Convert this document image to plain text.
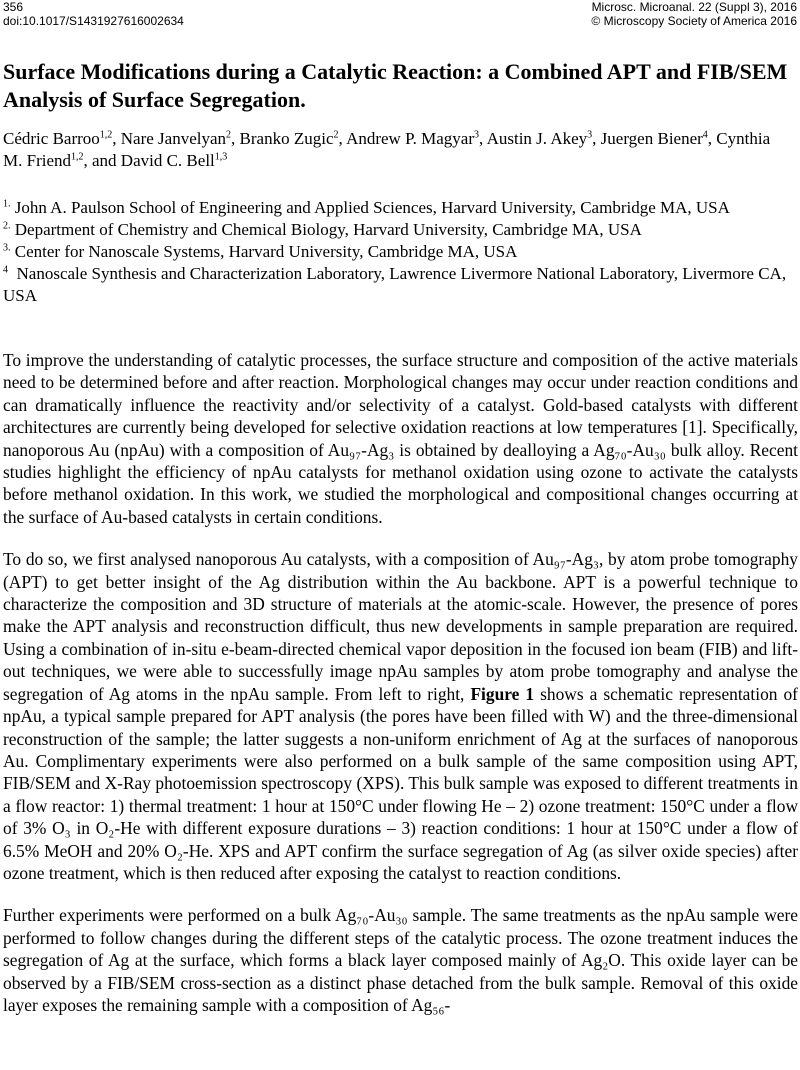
356
doi:10.1017/S1431927616002634
Microsc. Microanal. 22 (Suppl 3), 2016
© Microscopy Society of America 2016
Surface Modifications during a Catalytic Reaction: a Combined APT and FIB/SEM Analysis of Surface Segregation.
Cédric Barroo$^{1,2}$, Nare Janvelyan$^2$, Branko Zugic$^2$, Andrew P. Magyar$^3$, Austin J. Akey$^3$, Juergen Biener$^4$, Cynthia M. Friend$^{1,2}$, and David C. Bell$^{1,3}$
$^{1.}$ John A. Paulson School of Engineering and Applied Sciences, Harvard University, Cambridge MA, USA
$^{2.}$ Department of Chemistry and Chemical Biology, Harvard University, Cambridge MA, USA
$^{3.}$ Center for Nanoscale Systems, Harvard University, Cambridge MA, USA
$^4$  Nanoscale Synthesis and Characterization Laboratory, Lawrence Livermore National Laboratory, Livermore CA, USA

To improve the understanding of catalytic processes, the surface structure and composition of the active materials need to be determined before and after reaction. Morphological changes may occur under reaction conditions and can dramatically influence the reactivity and/or selectivity of a catalyst. Gold-based catalysts with different architectures are currently being developed for selective oxidation reactions at low temperatures [1]. Specifically, nanoporous Au (npAu) with a composition of Au₉₇-Ag₃ is obtained by dealloying a Ag₇₀-Au₃₀ bulk alloy. Recent studies highlight the efficiency of npAu catalysts for methanol oxidation using ozone to activate the catalysts before methanol oxidation. In this work, we studied the morphological and compositional changes occurring at the surface of Au-based catalysts in certain conditions.

To do so, we first analysed nanoporous Au catalysts, with a composition of Au₉₇-Ag₃, by atom probe tomography (APT) to get better insight of the Ag distribution within the Au backbone. APT is a powerful technique to characterize the composition and 3D structure of materials at the atomic-scale. However, the presence of pores make the APT analysis and reconstruction difficult, thus new developments in sample preparation are required. Using a combination of in-situ e-beam-directed chemical vapor deposition in the focused ion beam (FIB) and lift-out techniques, we were able to successfully image npAu samples by atom probe tomography and analyse the segregation of Ag atoms in the npAu sample. From left to right, Figure 1 shows a schematic representation of npAu, a typical sample prepared for APT analysis (the pores have been filled with W) and the three-dimensional reconstruction of the sample; the latter suggests a non-uniform enrichment of Ag at the surfaces of nanoporous Au. Complimentary experiments were also performed on a bulk sample of the same composition using APT, FIB/SEM and X-Ray photoemission spectroscopy (XPS). This bulk sample was exposed to different treatments in a flow reactor: 1) thermal treatment: 1 hour at 150°C under flowing He – 2) ozone treatment: 150°C under a flow of 3% O₃ in O₂-He with different exposure durations – 3) reaction conditions: 1 hour at 150°C under a flow of 6.5% MeOH and 20% O₂-He. XPS and APT confirm the surface segregation of Ag (as silver oxide species) after ozone treatment, which is then reduced after exposing the catalyst to reaction conditions.

Further experiments were performed on a bulk Ag₇₀-Au₃₀ sample. The same treatments as the npAu sample were performed to follow changes during the different steps of the catalytic process. The ozone treatment induces the segregation of Ag at the surface, which forms a black layer composed mainly of Ag₂O. This oxide layer can be observed by a FIB/SEM cross-section as a distinct phase detached from the bulk sample. Removal of this oxide layer exposes the remaining sample with a composition of Ag₅₆-
